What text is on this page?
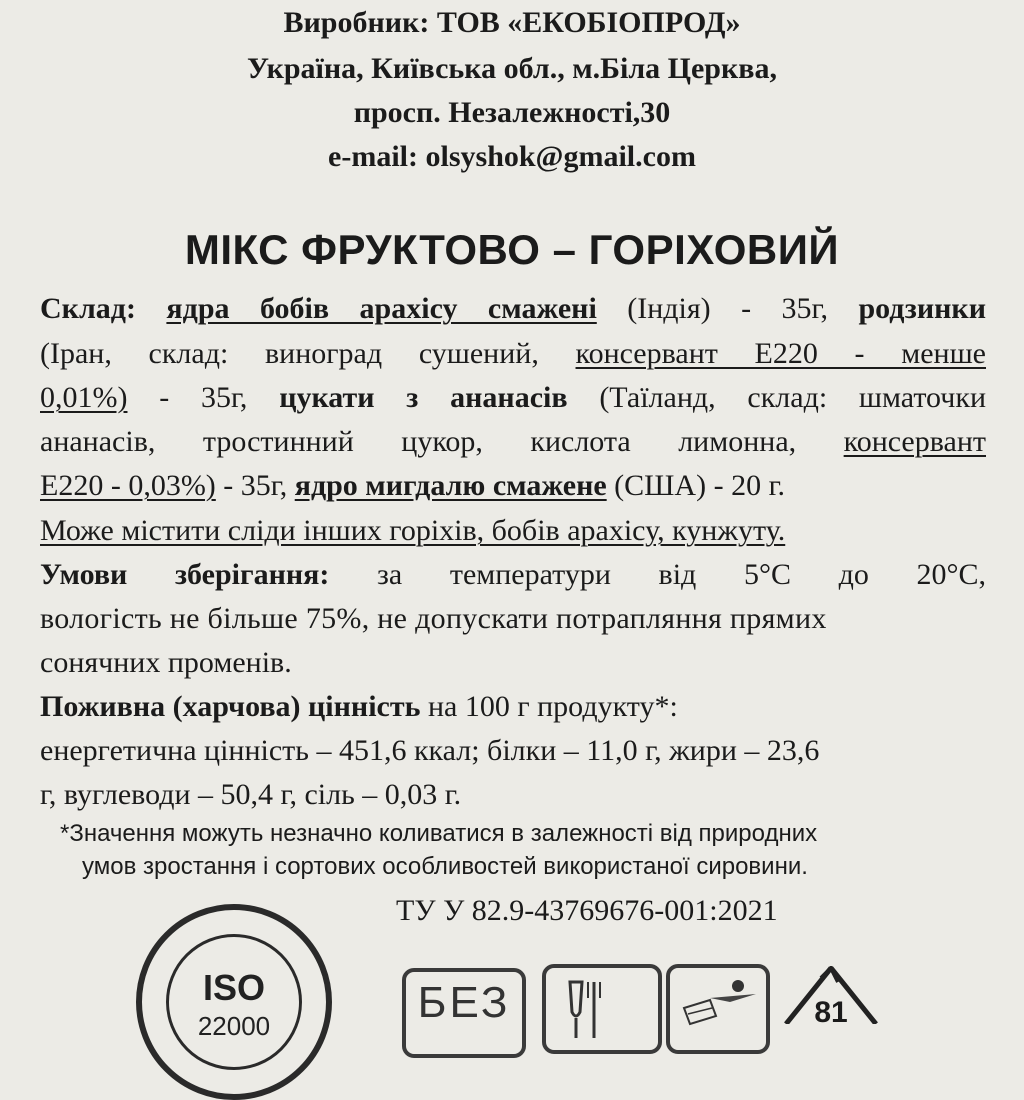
Виробник: ТОВ «ЕКОБІОПРОД»
Україна, Київська обл., м.Біла Церква,
просп. Незалежності,30
e-mail: olsyshok@gmail.com
МІКС ФРУКТОВО – ГОРІХОВИЙ
Склад: ядра бобів арахісу смажені (Індія) - 35г, родзинки
(Іран, склад: виноград сушений, консервант Е220 - менше
0,01%) - 35г, цукати з ананасів (Таїланд, склад: шматочки
ананасів, тростинний цукор, кислота лимонна, консервант
Е220 - 0,03%) - 35г, ядро мигдалю смажене (США) - 20 г.
Може містити сліди інших горіхів, бобів арахісу, кунжуту.
Умови зберігання: за температури від 5°С до 20°С,
вологість не більше 75%, не допускати потрапляння прямих
сонячних променів.
Поживна (харчова) цінність на 100 г продукту*:
енергетична цінність – 451,6 ккал; білки – 11,0 г, жири – 23,6
г, вуглеводи – 50,4 г, сіль – 0,03 г.
*Значення можуть незначно коливатися в залежності від природних
умов зростання і сортових особливостей використаної сировини.
ТУ У 82.9-43769676-001:2021
ISO
22000	БЕЗ	81
